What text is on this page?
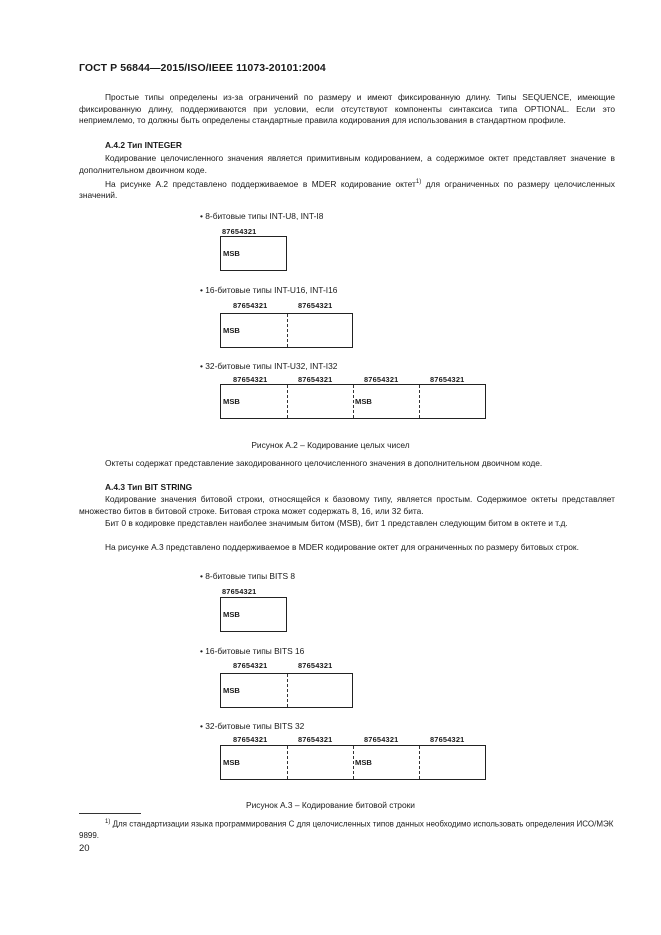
ГОСТ Р 56844—2015/ISO/IEEE 11073-20101:2004
Простые типы определены из-за ограничений по размеру и имеют фиксированную длину. Типы SEQUENCE, имеющие фиксированную длину, поддерживаются при условии, если отсутствуют компоненты синтаксиса типа OPTIONAL. Если это неприемлемо, то должны быть определены стандартные правила кодирования для использования в стандартном профиле.
А.4.2 Тип INTEGER
Кодирование целочисленного значения является примитивным кодированием, а содержимое октет представляет значение в дополнительном двоичном коде.
На рисунке А.2 представлено поддерживаемое в MDER кодирование октет$^{1)}$ для ограниченных по размеру целочисленных значений.
• 8-битовые типы INT-U8, INT-I8
87654321
MSB
• 16-битовые типы INT-U16, INT-I16
87654321	87654321
MSB
• 32-битовые типы INT-U32, INT-I32
87654321	87654321	87654321	87654321
MSB	MSB
Рисунок А.2 – Кодирование целых чисел
Октеты содержат представление закодированного целочисленного значения в дополнительном двоичном коде.
А.4.3 Тип BIT STRING
Кодирование значения битовой строки, относящейся к базовому типу, является простым. Содержимое октеты представляет множество битов в битовой строке. Битовая строка может содержать 8, 16, или 32 бита.
Бит 0 в кодировке представлен наиболее значимым битом (MSB), бит 1 представлен следующим битом в октете и т.д.
На рисунке А.3 представлено поддерживаемое в MDER кодирование октет для ограниченных по размеру битовых строк.
• 8-битовые типы BITS 8
87654321
MSB
• 16-битовые типы BITS 16
87654321	87654321
MSB
• 32-битовые типы BITS 32
87654321	87654321	87654321	87654321
MSB	MSB
Рисунок А.3 – Кодирование битовой строки
$^{1)}$ Для стандартизации языка программирования С для целочисленных типов данных необходимо использовать определения ИСО/МЭК 9899.
20
